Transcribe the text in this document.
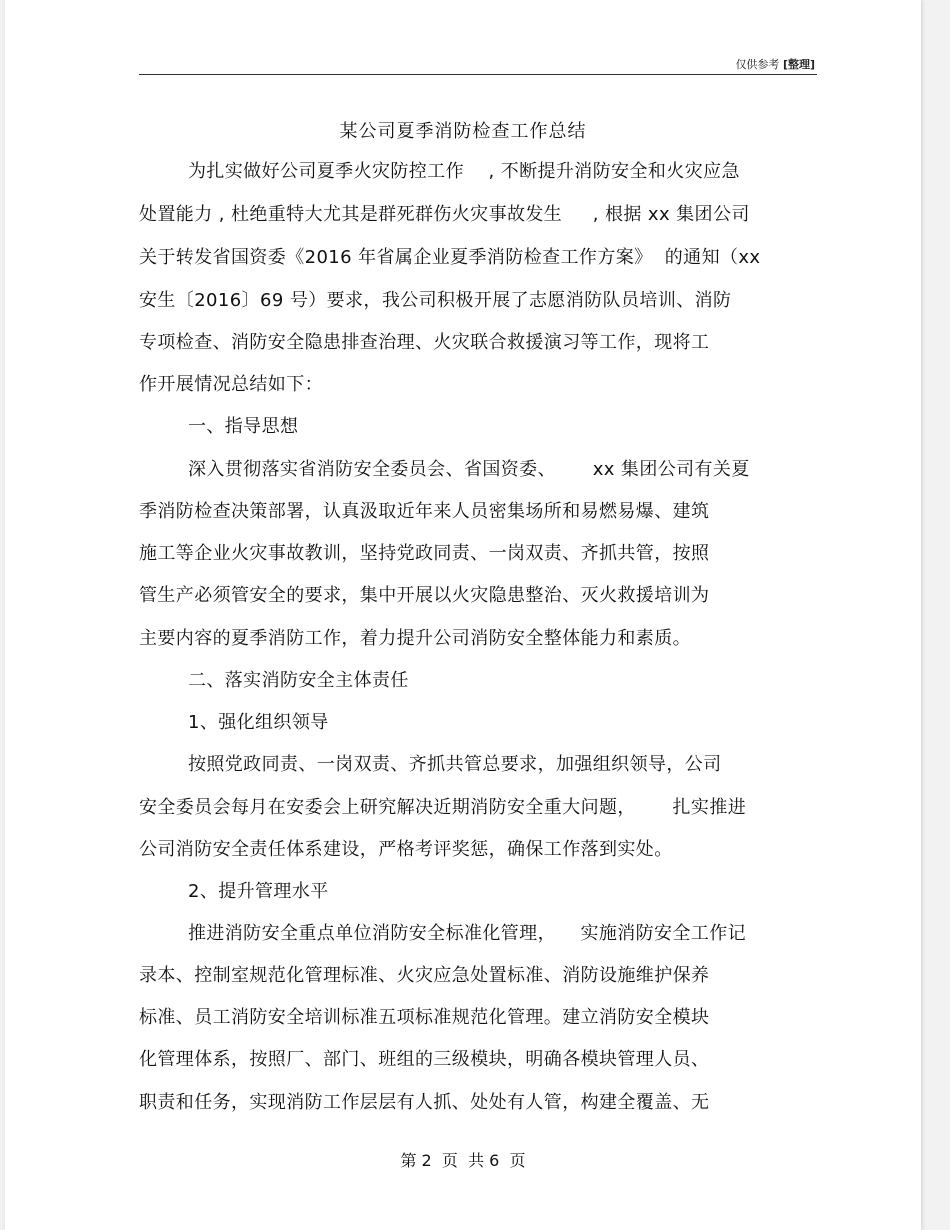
仅供参考 [整理]
某公司夏季消防检查工作总结
为扎实做好公司夏季火灾防控工作    , 不断提升消防安全和火灾应急
处置能力 , 杜绝重特大尤其是群死群伤火灾事故发生     , 根据 xx 集团公司
关于转发省国资委《2016 年省属企业夏季消防检查工作方案》  的通知（xx
安生〔2016〕69 号）要求，我公司积极开展了志愿消防队员培训、消防
专项检查、消防安全隐患排查治理、火灾联合救援演习等工作，现将工
作开展情况总结如下：
一、指导思想
深入贯彻落实省消防安全委员会、省国资委、      xx 集团公司有关夏
季消防检查决策部署，认真汲取近年来人员密集场所和易燃易爆、建筑
施工等企业火灾事故教训，坚持党政同责、一岗双责、齐抓共管，按照
管生产必须管安全的要求，集中开展以火灾隐患整治、灭火救援培训为
主要内容的夏季消防工作，着力提升公司消防安全整体能力和素质。
二、落实消防安全主体责任
1、强化组织领导
按照党政同责、一岗双责、齐抓共管总要求，加强组织领导，公司
安全委员会每月在安委会上研究解决近期消防安全重大问题，      扎实推进
公司消防安全责任体系建设，严格考评奖惩，确保工作落到实处。
2、提升管理水平
推进消防安全重点单位消防安全标准化管理，    实施消防安全工作记
录本、控制室规范化管理标准、火灾应急处置标准、消防设施维护保养
标准、员工消防安全培训标准五项标准规范化管理。建立消防安全模块
化管理体系，按照厂、部门、班组的三级模块，明确各模块管理人员、
职责和任务，实现消防工作层层有人抓、处处有人管，构建全覆盖、无
第 2  页  共 6  页
